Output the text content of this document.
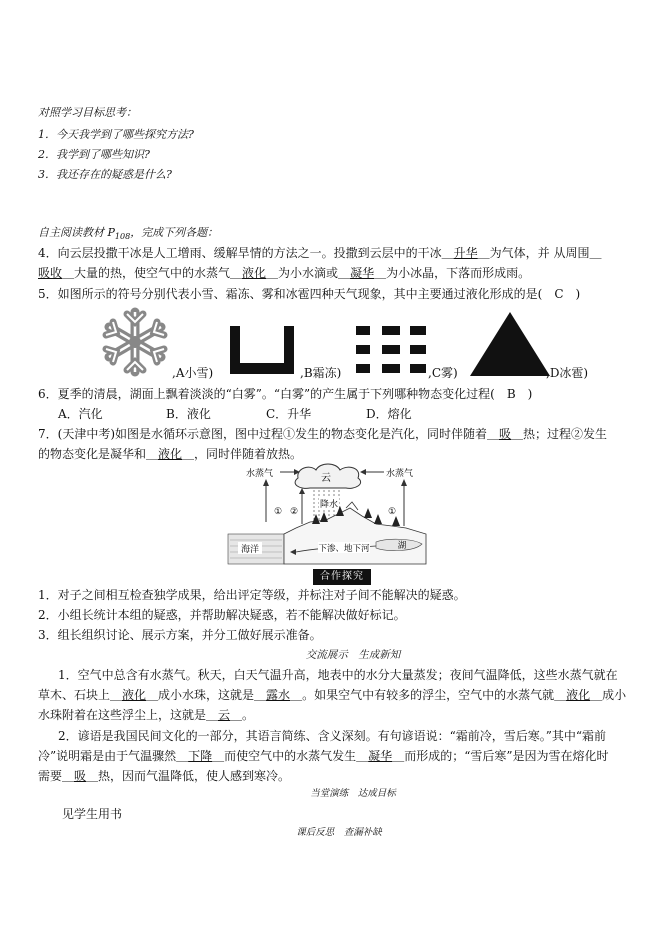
对照学习目标思考：
1．今天我学到了哪些探究方法?
2．我学到了哪些知识?
3．我还存在的疑惑是什么?
自主阅读教材 $P_{108}$，完成下列各题：
4．向云层投撒干冰是人工增雨、缓解旱情的方法之一。投撒到云层中的干冰＿升华＿为气体，并 从周围＿
吸收＿大量的热，使空气中的水蒸气＿液化＿为小水滴或＿凝华＿为小冰晶，下落而形成雨。
5．如图所示的符号分别代表小雪、霜冻、雾和冰雹四种天气现象，其中主要通过液化形成的是(　C　)
,A小雪)	,B霜冻)	,C雾)	,D冰雹)
6．夏季的清晨，湖面上飘着淡淡的“白雾”。“白雾”的产生属于下列哪种物态变化过程(　B　)
A．汽化	B．液化	C．升华	D．熔化
7．(天津中考)如图是水循环示意图，图中过程①发生的物态变化是汽化，同时伴随着＿吸＿热；过程②发生
的物态变化是凝华和＿液化＿，同时伴随着放热。
云
水蒸气	水蒸气
①	①
降水
②
海洋	下渗、地下河	湖
合作探究
1．对子之间相互检查独学成果，给出评定等级，并标注对子间不能解决的疑惑。
2．小组长统计本组的疑惑，并帮助解决疑惑，若不能解决做好标记。
3．组长组织讨论、展示方案，并分工做好展示准备。
交流展示　生成新知
1．空气中总含有水蒸气。秋天，白天气温升高，地表中的水分大量蒸发；夜间气温降低，这些水蒸气就在
草木、石块上＿液化＿成小水珠，这就是＿露水＿。如果空气中有较多的浮尘，空气中的水蒸气就＿液化＿成小
水珠附着在这些浮尘上，这就是＿云＿。
2．谚语是我国民间文化的一部分，其语言简练、含义深刻。有句谚语说：“霜前冷，雪后寒。”其中“霜前
冷”说明霜是由于气温骤然＿下降＿而使空气中的水蒸气发生＿凝华＿而形成的；“雪后寒”是因为雪在熔化时
需要＿吸＿热，因而气温降低，使人感到寒冷。
当堂演练　达成目标
见学生用书
课后反思　查漏补缺
